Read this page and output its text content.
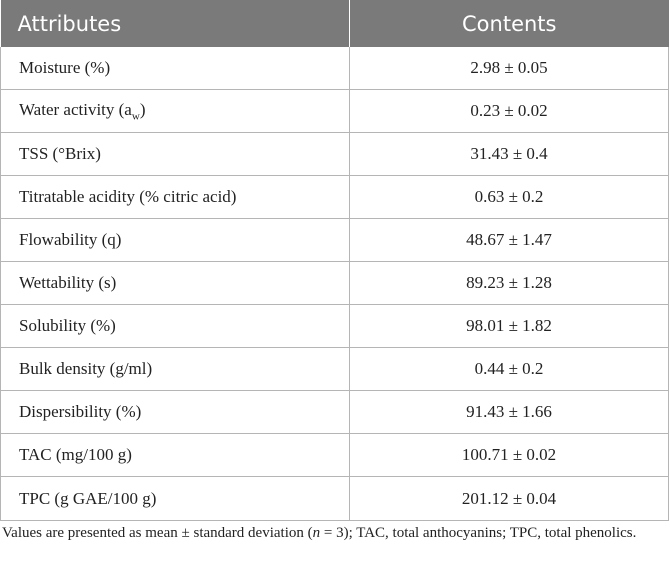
Attributes	Contents
Moisture (%)	2.98 ± 0.05
Water activity $(a_w)$	0.23 ± 0.02
TSS (°Brix)	31.43 ± 0.4
Titratable acidity (% citric acid)	0.63 ± 0.2
Flowability (q)	48.67 ± 1.47
Wettability (s)	89.23 ± 1.28
Solubility (%)	98.01 ± 1.82
Bulk density (g/ml)	0.44 ± 0.2
Dispersibility (%)	91.43 ± 1.66
TAC (mg/100 g)	100.71 ± 0.02
TPC (g GAE/100 g)	201.12 ± 0.04
Values are presented as mean ± standard deviation (n = 3); TAC, total anthocyanins; TPC, total phenolics.
